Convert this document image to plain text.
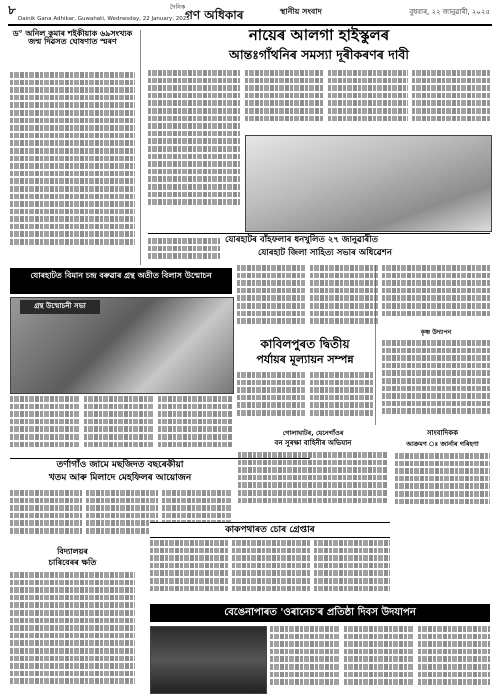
৮	দৈনিক
গণ অধিকাৰ	স্থানীয় সংবাদ	বুধবাৰ, ২২ জানুৱাৰী, ২০২৫
Dainik Gana Adhikar, Guwahati, Wednesday, 22 January, 2025
ড° অনিল কুমাৰ শইকীয়াক ৬৯সংখ্যক জন্ম দিৱসত ঘোষণাত স্মৰণ	নায়েৰ আলগা হাইস্কুলৰ
আন্তঃগাঁথনিৰ সমস্যা দূৰীকৰণৰ দাবী
যোৰহাটৰ বাঁহফলাৰ ধনখুলিত ২৭ জানুৱাৰীত
যোৰহাট জিলা সাহিত্য সভাৰ অধিৱেশন
যোৰহাটত বিমান চন্দ্ৰ বৰুৱাৰ গ্ৰন্থ অতীত বিলাস উন্মোচন
গ্ৰন্থ উন্মোচনী সভা
কাবিলপুৰত দ্বিতীয়
পৰ্যায়ৰ মূল্যায়ন সম্পন্ন
কৃষ্ণ উদ্যাপন
তৰ্ণাগাঁও জামে মছজিদত বছৰেকীয়া
খতম আৰু মিলাদে মেহফিলৰ আয়োজন
গোলাঘাটৰ, যেনেগাঁওৰ
বন সুৰক্ষা বাহিনীৰ অভিযান
সাংবাদিকক
আক্ৰমণ ঃ জাৰ্নাৰ গৰিহণা
বিদ্যালয়ৰ
চাৰিবেৰৰ ক্ষতি
কাকপথাৰত চোৰ গ্ৰেপ্তাৰ
বেঙেনাপাৰত 'ওৰানেচ'ৰ প্ৰতিষ্ঠা দিবস উদযাপন
